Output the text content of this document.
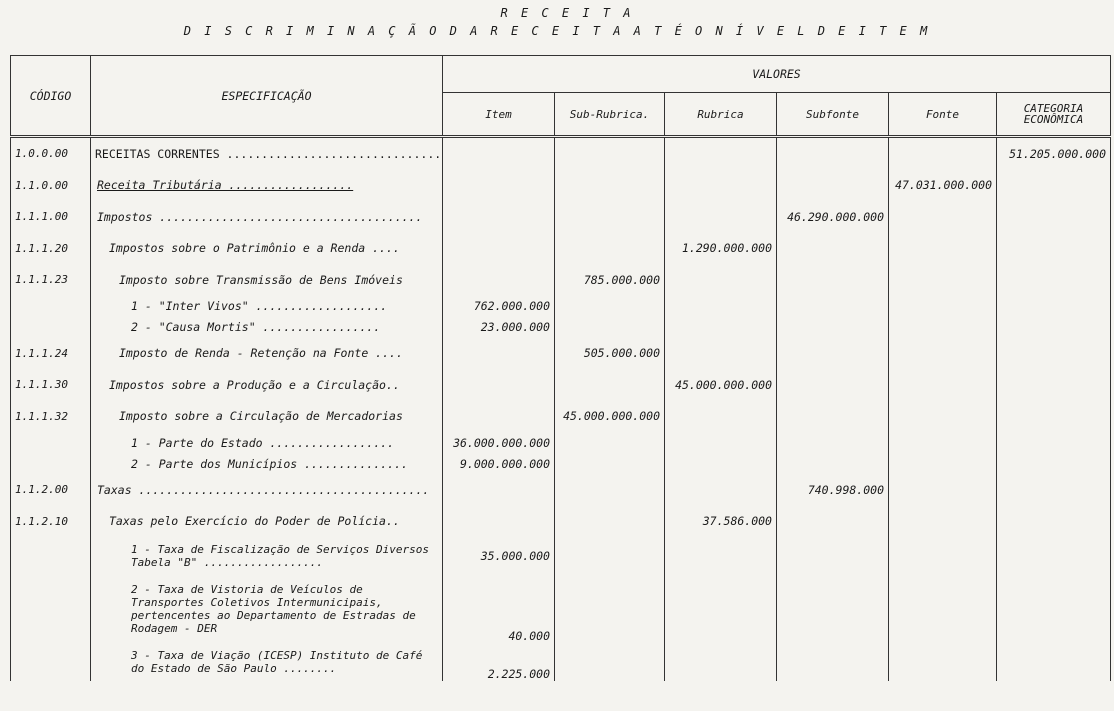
R E C E I T A
D I S C R I M I N A Ç Ã O D A R E C E I T A A T É O N Í V E L D E I T E M
CÓDIGO	ESPECIFICAÇÃO	VALORES					
		Item	Sub-Rubrica.	Rubrica	Subfonte	Fonte	CATEGORIA ECONÔMICA
1.0.0.00	RECEITAS CORRENTES ...............................						51.205.000.000
1.1.0.00	Receita Tributária ..................					47.031.000.000	
1.1.1.00	Impostos ......................................				46.290.000.000		
1.1.1.20	Impostos sobre o Patrimônio e a Renda ....			1.290.000.000			
1.1.1.23	Imposto sobre Transmissão de Bens Imóveis		785.000.000				
	1 - "Inter Vivos" ...................	762.000.000					
	2 - "Causa Mortis" .................	23.000.000					
1.1.1.24	Imposto de Renda - Retenção na Fonte ....		505.000.000				
1.1.1.30	Impostos sobre a Produção e a Circulação..			45.000.000.000			
1.1.1.32	Imposto sobre a Circulação de Mercadorias		45.000.000.000				
	1 - Parte do Estado ..................	36.000.000.000					
	2 - Parte dos Municípios ...............	9.000.000.000					
1.1.2.00	Taxas ..........................................				740.998.000		
1.1.2.10	Taxas pelo Exercício do Poder de Polícia..			37.586.000			
	1 - Taxa de Fiscalização de Serviços Diversos Tabela "B" ..................	35.000.000					
	2 - Taxa de Vistoria de Veículos de Transportes Coletivos Intermunicipais, pertencentes ao Departamento de Estradas de Rodagem - DER	40.000					
	3 - Taxa de Viação (ICESP) Instituto de Café do Estado de São Paulo ........	2.225.000					
